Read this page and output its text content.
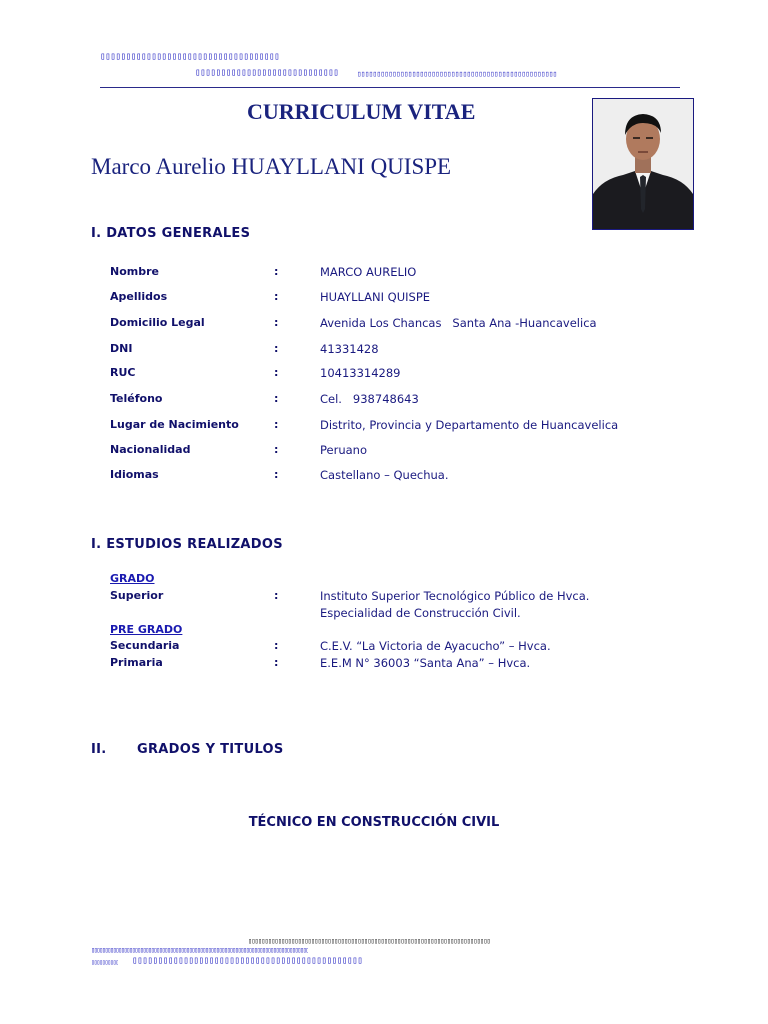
▯▯▯▯▯▯▯▯▯▯▯▯▯▯▯▯▯▯▯▯▯▯▯▯▯▯▯▯▯▯▯▯▯▯▯
▯▯▯▯▯▯▯▯▯▯▯▯▯▯▯▯▯▯▯▯▯▯▯▯▯▯▯▯ ▯▯▯▯▯▯▯▯▯▯▯▯▯▯▯▯▯▯▯▯▯▯▯▯▯▯▯▯▯▯▯▯▯▯▯▯▯▯▯▯▯▯▯▯▯▯▯▯▯▯▯
CURRICULUM VITAE
Marco Aurelio HUAYLLANI QUISPE
I. DATOS GENERALES
Nombre	:	MARCO AURELIO
Apellidos	:	HUAYLLANI QUISPE
Domicilio Legal	:	Avenida Los Chancas   Santa Ana -Huancavelica
DNI	:	41331428
RUC	:	10413314289
Teléfono	:	Cel.   938748643
Lugar de Nacimiento	:	Distrito, Provincia y Departamento de Huancavelica
Nacionalidad	:	Peruano
Idiomas	:	Castellano – Quechua.
I. ESTUDIOS REALIZADOS
GRADO
Superior	:	Instituto Superior Tecnológico Público de Hvca.
Especialidad de Construcción Civil.
PRE GRADO
Secundaria	:	C.E.V. “La Victoria de Ayacucho” – Hvca.
Primaria	:	E.E.M N° 36003 “Santa Ana” – Hvca.
II. GRADOS Y TITULOS
TÉCNICO EN CONSTRUCCIÓN CIVIL
▯▯▯▯▯▯▯▯▯▯▯▯▯▯▯▯▯▯▯▯▯▯▯▯▯▯▯▯▯▯▯▯▯▯▯▯▯▯▯▯▯▯▯▯▯▯▯▯▯▯▯▯▯▯▯▯▯▯▯▯▯▯▯▯▯▯▯▯▯▯▯▯▯
▯▯▯▯▯▯▯▯▯▯▯▯▯▯▯▯▯▯▯▯▯▯▯▯▯▯▯▯▯▯▯▯▯▯▯▯▯▯▯▯▯▯▯▯▯▯▯▯▯▯▯▯▯▯▯▯▯▯▯▯▯▯▯▯▯▯▯▯▯▯▯▯▯▯▯▯▯▯▯▯
▯▯▯▯▯▯▯▯▯▯ ▯▯▯▯▯▯▯▯▯▯▯▯▯▯▯▯▯▯▯▯▯▯▯▯▯▯▯▯▯▯▯▯▯▯▯▯▯▯▯▯▯▯▯▯▯
